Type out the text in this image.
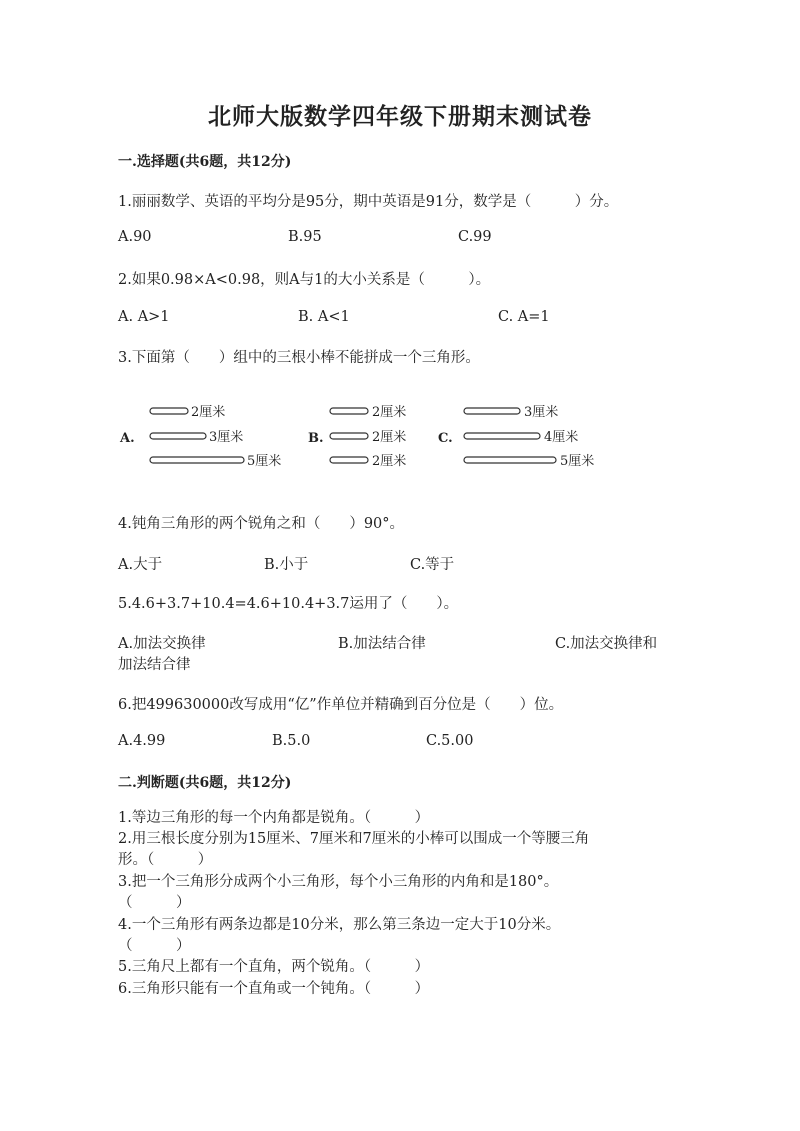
北师大版数学四年级下册期末测试卷
一.选择题(共6题，共12分)

1.丽丽数学、英语的平均分是95分，期中英语是91分，数学是（　　　）分。

A.90	B.95	C.99

2.如果0.98×A<0.98，则A与1的大小关系是（　　　）。

A. A>1	B. A<1	C. A=1

3.下面第（　　）组中的三根小棒不能拼成一个三角形。

A.
2厘米
3厘米
5厘米
B.
2厘米
2厘米
2厘米
C.
3厘米
4厘米
5厘米

4.钝角三角形的两个锐角之和（　　）90°。

A.大于	B.小于	C.等于

5.4.6+3.7+10.4=4.6+10.4+3.7运用了（　　）。

A.加法交换律	B.加法结合律	C.加法交换律和

加法结合律

6.把499630000改写成用“亿”作单位并精确到百分位是（　　）位。

A.4.99	B.5.0	C.5.00
二.判断题(共6题，共12分)
1.等边三角形的每一个内角都是锐角。（　　　）
2.用三根长度分别为15厘米、7厘米和7厘米的小棒可以围成一个等腰三角
形。（　　　）
3.把一个三角形分成两个小三角形，每个小三角形的内角和是180°。
（　　　）
4.一个三角形有两条边都是10分米，那么第三条边一定大于10分米。
（　　　）
5.三角尺上都有一个直角，两个锐角。（　　　）
6.三角形只能有一个直角或一个钝角。（　　　）
